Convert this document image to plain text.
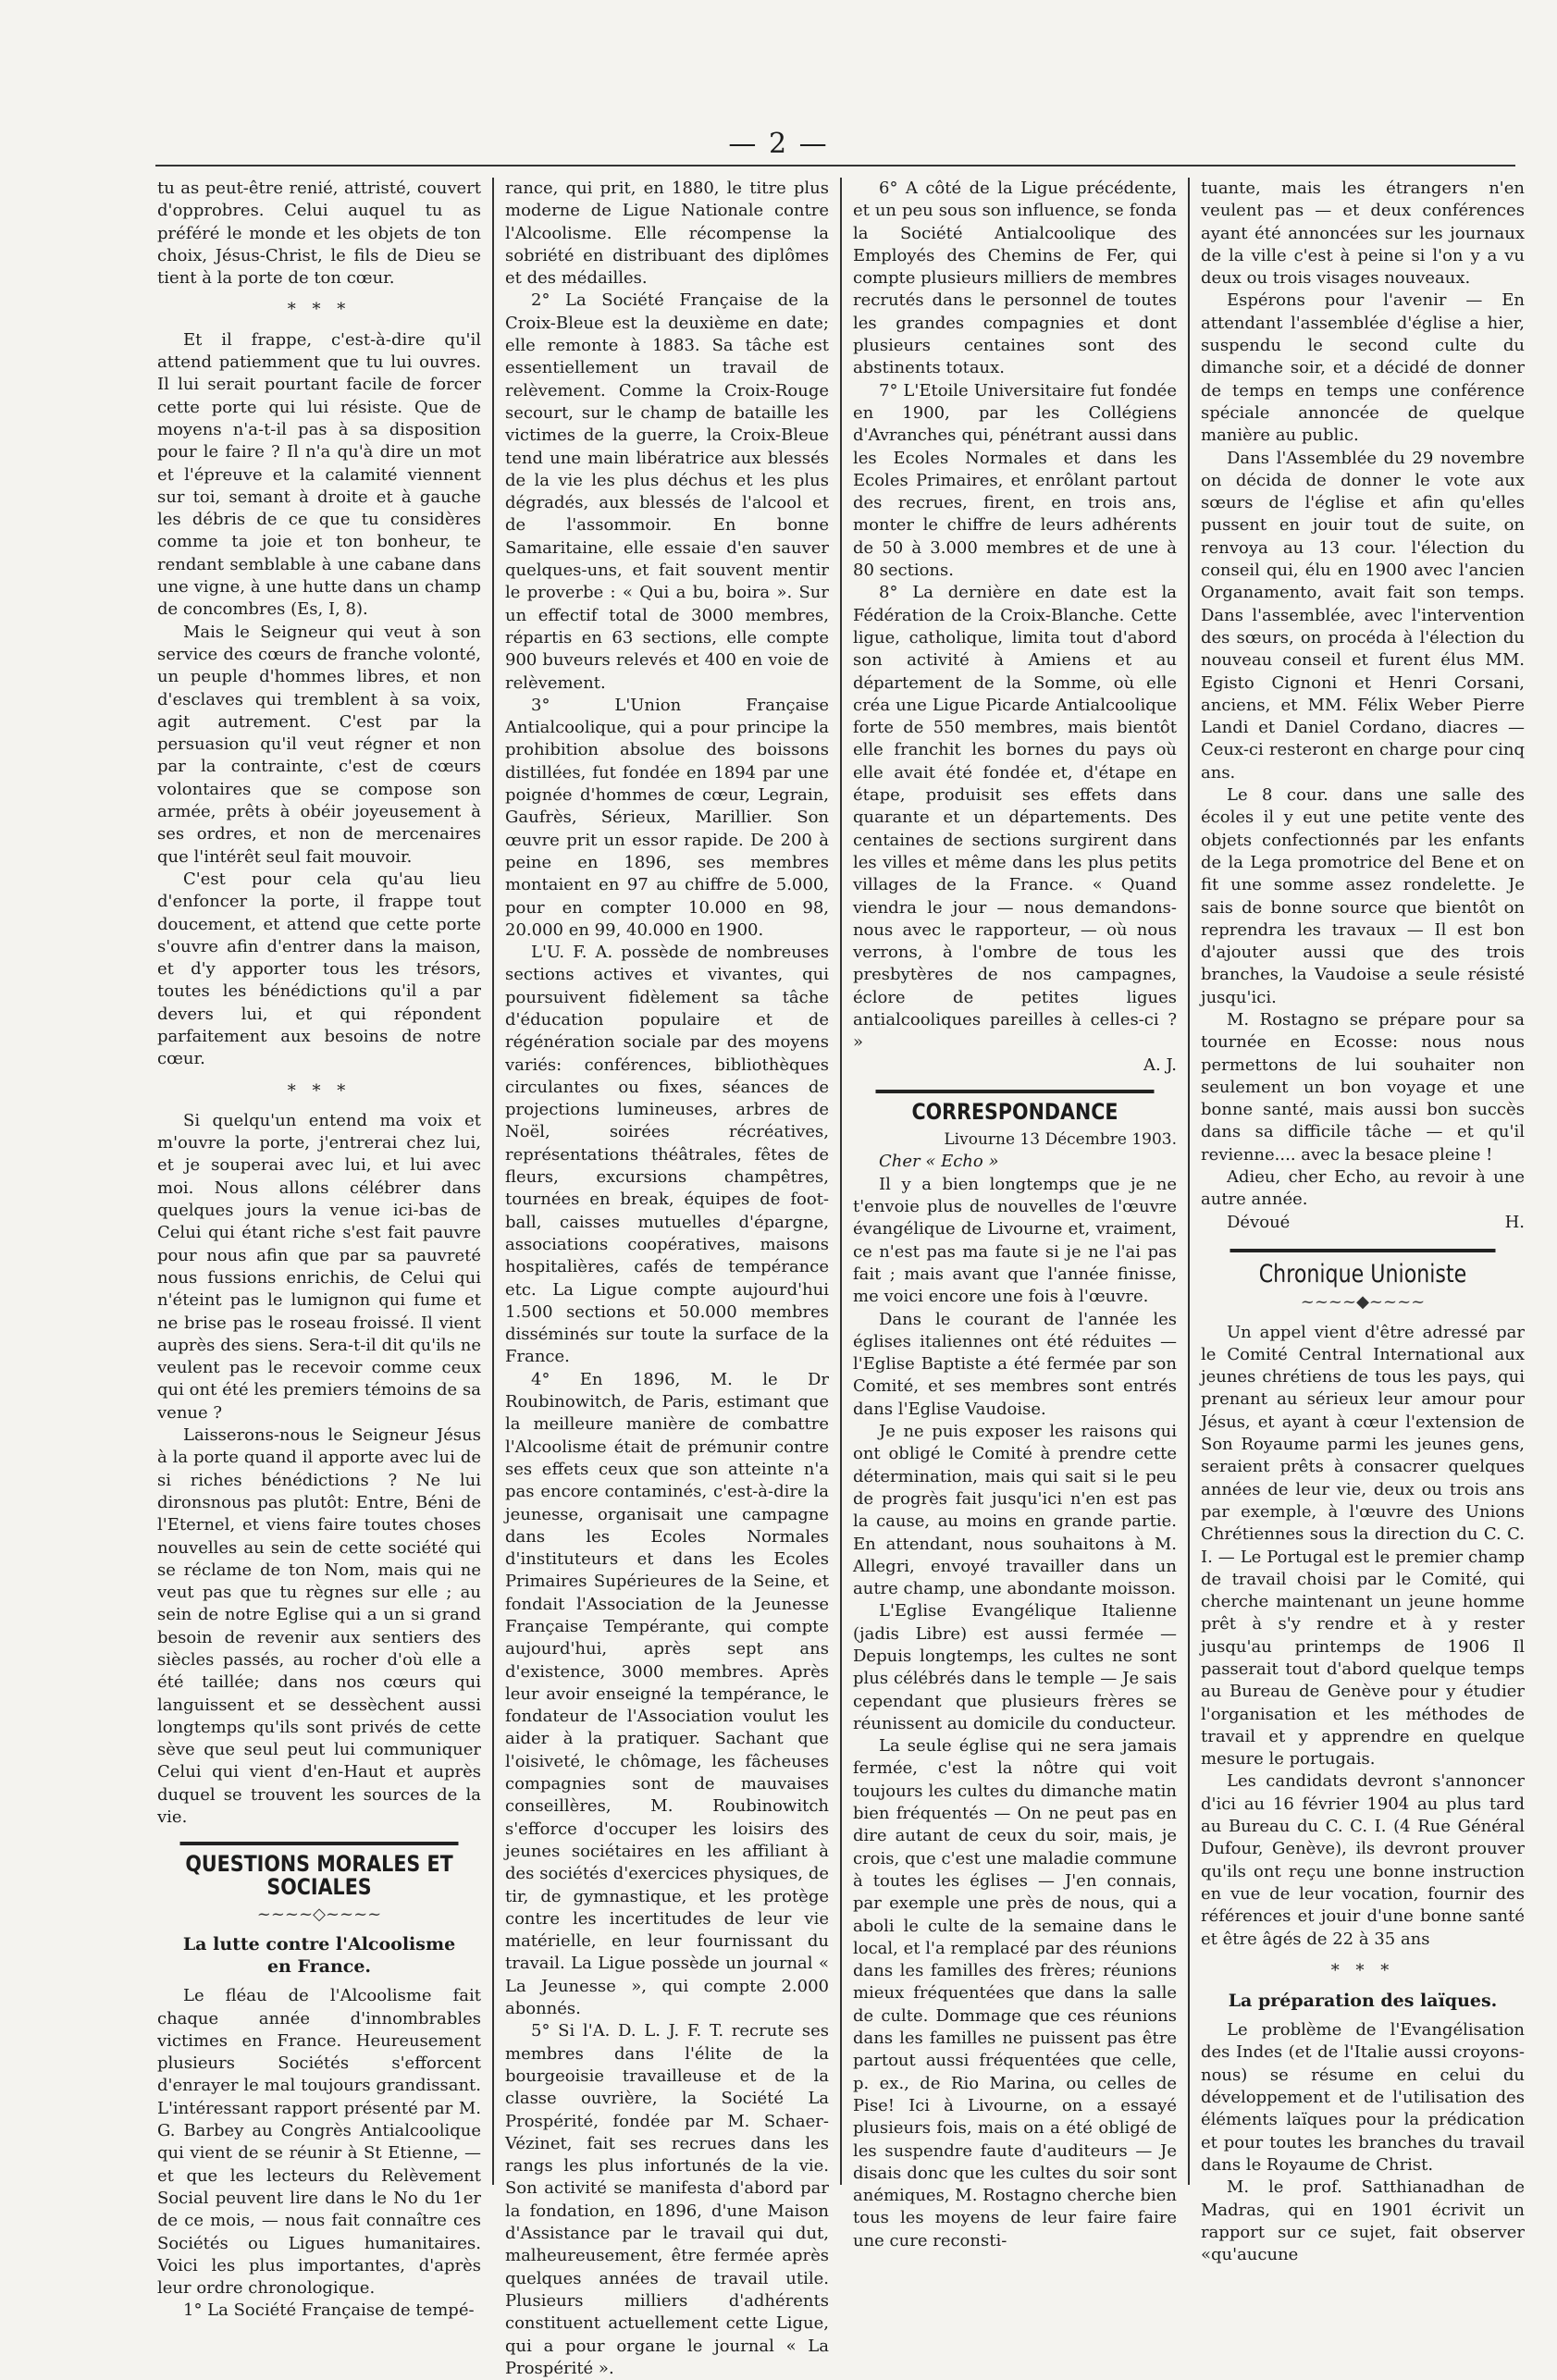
— 2 —

tu as peut-être renié, attristé, couvert d'opprobres. Celui auquel tu as préféré le monde et les objets de ton choix, Jésus-Christ, le fils de Dieu se tient à la porte de ton cœur.

* * *

Et il frappe, c'est-à-dire qu'il attend patiemment que tu lui ouvres. Il lui serait pourtant facile de forcer cette porte qui lui résiste. Que de moyens n'a-t-il pas à sa disposition pour le faire ? Il n'a qu'à dire un mot et l'épreuve et la calamité viennent sur toi, semant à droite et à gauche les débris de ce que tu considères comme ta joie et ton bonheur, te rendant semblable à une cabane dans une vigne, à une hutte dans un champ de concombres (Es, I, 8).

Mais le Seigneur qui veut à son service des cœurs de franche volonté, un peuple d'hommes libres, et non d'esclaves qui tremblent à sa voix, agit autrement. C'est par la persuasion qu'il veut régner et non par la contrainte, c'est de cœurs volontaires que se compose son armée, prêts à obéir joyeusement à ses ordres, et non de mercenaires que l'intérêt seul fait mouvoir.

C'est pour cela qu'au lieu d'enfoncer la porte, il frappe tout doucement, et attend que cette porte s'ouvre afin d'entrer dans la maison, et d'y apporter tous les trésors, toutes les bénédictions qu'il a par devers lui, et qui répondent parfaitement aux besoins de notre cœur.

* * *

Si quelqu'un entend ma voix et m'ouvre la porte, j'entrerai chez lui, et je souperai avec lui, et lui avec moi. Nous allons célébrer dans quelques jours la venue ici-bas de Celui qui étant riche s'est fait pauvre pour nous afin que par sa pauvreté nous fussions enrichis, de Celui qui n'éteint pas le lumignon qui fume et ne brise pas le roseau froissé. Il vient auprès des siens. Sera-t-il dit qu'ils ne veulent pas le recevoir comme ceux qui ont été les premiers témoins de sa venue ?

Laisserons-nous le Seigneur Jésus à la porte quand il apporte avec lui de si riches bénédictions ? Ne lui dironsnous pas plutôt: Entre, Béni de l'Eternel, et viens faire toutes choses nouvelles au sein de cette société qui se réclame de ton Nom, mais qui ne veut pas que tu règnes sur elle ; au sein de notre Eglise qui a un si grand besoin de revenir aux sentiers des siècles passés, au rocher d'où elle a été taillée; dans nos cœurs qui languissent et se dessèchent aussi longtemps qu'ils sont privés de cette sève que seul peut lui communiquer Celui qui vient d'en-Haut et auprès duquel se trouvent les sources de la vie.

QUESTIONS MORALES ET SOCIALES
~~~~◇~~~~
La lutte contre l'Alcoolisme
en France.

Le fléau de l'Alcoolisme fait chaque année d'innombrables victimes en France. Heureusement plusieurs Sociétés s'efforcent d'enrayer le mal toujours grandissant. L'intéressant rapport présenté par M. G. Barbey au Congrès Antialcoolique qui vient de se réunir à St Etienne, — et que les lecteurs du Relèvement Social peuvent lire dans le No du 1er de ce mois, — nous fait connaître ces Sociétés ou Ligues humanitaires. Voici les plus importantes, d'après leur ordre chronologique.

1° La Société Française de tempé-

rance, qui prit, en 1880, le titre plus moderne de Ligue Nationale contre l'Alcoolisme. Elle récompense la sobriété en distribuant des diplômes et des médailles.

2° La Société Française de la Croix-Bleue est la deuxième en date; elle remonte à 1883. Sa tâche est essentiellement un travail de relèvement. Comme la Croix-Rouge secourt, sur le champ de bataille les victimes de la guerre, la Croix-Bleue tend une main libératrice aux blessés de la vie les plus déchus et les plus dégradés, aux blessés de l'alcool et de l'assommoir. En bonne Samaritaine, elle essaie d'en sauver quelques-uns, et fait souvent mentir le proverbe : « Qui a bu, boira ». Sur un effectif total de 3000 membres, répartis en 63 sections, elle compte 900 buveurs relevés et 400 en voie de relèvement.

3° L'Union Française Antialcoolique, qui a pour principe la prohibition absolue des boissons distillées, fut fondée en 1894 par une poignée d'hommes de cœur, Legrain, Gaufrès, Sérieux, Marillier. Son œuvre prit un essor rapide. De 200 à peine en 1896, ses membres montaient en 97 au chiffre de 5.000, pour en compter 10.000 en 98, 20.000 en 99, 40.000 en 1900.

L'U. F. A. possède de nombreuses sections actives et vivantes, qui poursuivent fidèlement sa tâche d'éducation populaire et de régénération sociale par des moyens variés: conférences, bibliothèques circulantes ou fixes, séances de projections lumineuses, arbres de Noël, soirées récréatives, représentations théâtrales, fêtes de fleurs, excursions champêtres, tournées en break, équipes de foot-ball, caisses mutuelles d'épargne, associations coopératives, maisons hospitalières, cafés de tempérance etc. La Ligue compte aujourd'hui 1.500 sections et 50.000 membres disséminés sur toute la surface de la France.

4° En 1896, M. le Dr Roubinowitch, de Paris, estimant que la meilleure manière de combattre l'Alcoolisme était de prémunir contre ses effets ceux que son atteinte n'a pas encore contaminés, c'est-à-dire la jeunesse, organisait une campagne dans les Ecoles Normales d'instituteurs et dans les Ecoles Primaires Supérieures de la Seine, et fondait l'Association de la Jeunesse Française Tempérante, qui compte aujourd'hui, après sept ans d'existence, 3000 membres. Après leur avoir enseigné la tempérance, le fondateur de l'Association voulut les aider à la pratiquer. Sachant que l'oisiveté, le chômage, les fâcheuses compagnies sont de mauvaises conseillères, M. Roubinowitch s'efforce d'occuper les loisirs des jeunes sociétaires en les affiliant à des sociétés d'exercices physiques, de tir, de gymnastique, et les protège contre les incertitudes de leur vie matérielle, en leur fournissant du travail. La Ligue possède un journal « La Jeunesse », qui compte 2.000 abonnés.

5° Si l'A. D. L. J. F. T. recrute ses membres dans l'élite de la bourgeoisie travailleuse et de la classe ouvrière, la Société La Prospérité, fondée par M. Schaer-Vézinet, fait ses recrues dans les rangs les plus infortunés de la vie. Son activité se manifesta d'abord par la fondation, en 1896, d'une Maison d'Assistance par le travail qui dut, malheureusement, être fermée après quelques années de travail utile. Plusieurs milliers d'adhérents constituent actuellement cette Ligue, qui a pour organe le journal « La Prospérité ».

6° A côté de la Ligue précédente, et un peu sous son influence, se fonda la Société Antialcoolique des Employés des Chemins de Fer, qui compte plusieurs milliers de membres recrutés dans le personnel de toutes les grandes compagnies et dont plusieurs centaines sont des abstinents totaux.

7° L'Etoile Universitaire fut fondée en 1900, par les Collégiens d'Avranches qui, pénétrant aussi dans les Ecoles Normales et dans les Ecoles Primaires, et enrôlant partout des recrues, firent, en trois ans, monter le chiffre de leurs adhérents de 50 à 3.000 membres et de une à 80 sections.

8° La dernière en date est la Fédération de la Croix-Blanche. Cette ligue, catholique, limita tout d'abord son activité à Amiens et au département de la Somme, où elle créa une Ligue Picarde Antialcoolique forte de 550 membres, mais bientôt elle franchit les bornes du pays où elle avait été fondée et, d'étape en étape, produisit ses effets dans quarante et un départements. Des centaines de sections surgirent dans les villes et même dans les plus petits villages de la France. « Quand viendra le jour — nous demandons-nous avec le rapporteur, — où nous verrons, à l'ombre de tous les presbytères de nos campagnes, éclore de petites ligues antialcooliques pareilles à celles-ci ? »

A. J.
CORRESPONDANCE
Livourne 13 Décembre 1903.
Cher « Echo »

Il y a bien longtemps que je ne t'envoie plus de nouvelles de l'œuvre évangélique de Livourne et, vraiment, ce n'est pas ma faute si je ne l'ai pas fait ; mais avant que l'année finisse, me voici encore une fois à l'œuvre.

Dans le courant de l'année les églises italiennes ont été réduites — l'Eglise Baptiste a été fermée par son Comité, et ses membres sont entrés dans l'Eglise Vaudoise.

Je ne puis exposer les raisons qui ont obligé le Comité à prendre cette détermination, mais qui sait si le peu de progrès fait jusqu'ici n'en est pas la cause, au moins en grande partie. En attendant, nous souhaitons à M. Allegri, envoyé travailler dans un autre champ, une abondante moisson.

L'Eglise Evangélique Italienne (jadis Libre) est aussi fermée — Depuis longtemps, les cultes ne sont plus célébrés dans le temple — Je sais cependant que plusieurs frères se réunissent au domicile du conducteur.

La seule église qui ne sera jamais fermée, c'est la nôtre qui voit toujours les cultes du dimanche matin bien fréquentés — On ne peut pas en dire autant de ceux du soir, mais, je crois, que c'est une maladie commune à toutes les églises — J'en connais, par exemple une près de nous, qui a aboli le culte de la semaine dans le local, et l'a remplacé par des réunions dans les familles des frères; réunions mieux fréquentées que dans la salle de culte. Dommage que ces réunions dans les familles ne puissent pas être partout aussi fréquentées que celle, p. ex., de Rio Marina, ou celles de Pise! Ici à Livourne, on a essayé plusieurs fois, mais on a été obligé de les suspendre faute d'auditeurs — Je disais donc que les cultes du soir sont anémiques, M. Rostagno cherche bien tous les moyens de leur faire faire une cure reconsti-

tuante, mais les étrangers n'en veulent pas — et deux conférences ayant été annoncées sur les journaux de la ville c'est à peine si l'on y a vu deux ou trois visages nouveaux.

Espérons pour l'avenir — En attendant l'assemblée d'église a hier, suspendu le second culte du dimanche soir, et a décidé de donner de temps en temps une conférence spéciale annoncée de quelque manière au public.

Dans l'Assemblée du 29 novembre on décida de donner le vote aux sœurs de l'église et afin qu'elles pussent en jouir tout de suite, on renvoya au 13 cour. l'élection du conseil qui, élu en 1900 avec l'ancien Organamento, avait fait son temps. Dans l'assemblée, avec l'intervention des sœurs, on procéda à l'élection du nouveau conseil et furent élus MM. Egisto Cignoni et Henri Corsani, anciens, et MM. Félix Weber Pierre Landi et Daniel Cordano, diacres — Ceux-ci resteront en charge pour cinq ans.

Le 8 cour. dans une salle des écoles il y eut une petite vente des objets confectionnés par les enfants de la Lega promotrice del Bene et on fit une somme assez rondelette. Je sais de bonne source que bientôt on reprendra les travaux — Il est bon d'ajouter aussi que des trois branches, la Vaudoise a seule résisté jusqu'ici.

M. Rostagno se prépare pour sa tournée en Ecosse: nous nous permettons de lui souhaiter non seulement un bon voyage et une bonne santé, mais aussi bon succès dans sa difficile tâche — et qu'il revienne.... avec la besace pleine !

Adieu, cher Echo, au revoir à une autre année.

Dévoué	H.
Chronique Unioniste
~~~~◆~~~~

Un appel vient d'être adressé par le Comité Central International aux jeunes chrétiens de tous les pays, qui prenant au sérieux leur amour pour Jésus, et ayant à cœur l'extension de Son Royaume parmi les jeunes gens, seraient prêts à consacrer quelques années de leur vie, deux ou trois ans par exemple, à l'œuvre des Unions Chrétiennes sous la direction du C. C. I. — Le Portugal est le premier champ de travail choisi par le Comité, qui cherche maintenant un jeune homme prêt à s'y rendre et à y rester jusqu'au printemps de 1906 Il passerait tout d'abord quelque temps au Bureau de Genève pour y étudier l'organisation et les méthodes de travail et y apprendre en quelque mesure le portugais.

Les candidats devront s'annoncer d'ici au 16 février 1904 au plus tard au Bureau du C. C. I. (4 Rue Général Dufour, Genève), ils devront prouver qu'ils ont reçu une bonne instruction en vue de leur vocation, fournir des références et jouir d'une bonne santé et être âgés de 22 à 35 ans

* * *
La préparation des laïques.

Le problème de l'Evangélisation des Indes (et de l'Italie aussi croyons-nous) se résume en celui du développement et de l'utilisation des éléments laïques pour la prédication et pour toutes les branches du travail dans le Royaume de Christ.

M. le prof. Satthianadhan de Madras, qui en 1901 écrivit un rapport sur ce sujet, fait observer «qu'aucune
